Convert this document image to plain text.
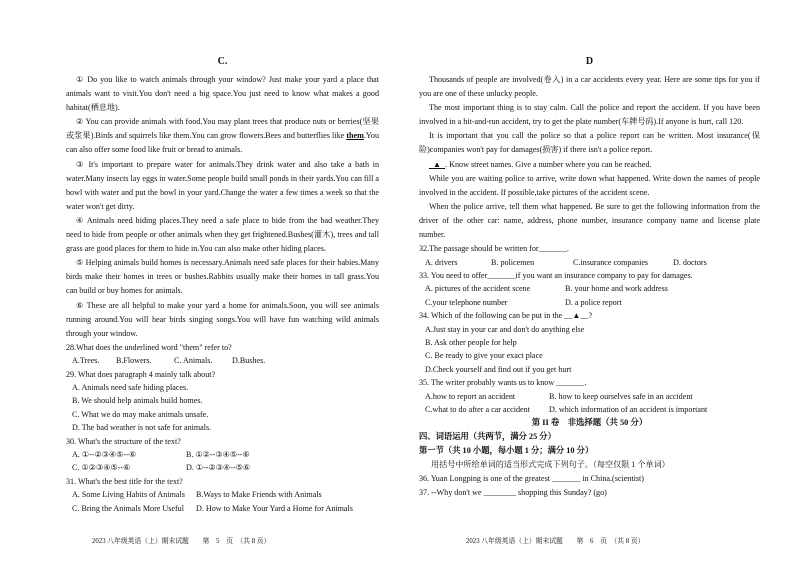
C.

① Do you like to watch animals through your window? Just make your yard a place that animals want to visit.You don't need a big space.You just need to know what makes a good habitat(栖息地).

② You can provide animals with food.You may plant trees that produce nuts or berries(坚果或浆果).Birds and squirrels like them.You can grow flowers.Bees and butterflies like them.You can also offer some food like fruit or bread to animals.

③ It's important to prepare water for animals.They drink water and also take a bath in water.Many insects lay eggs in water.Some people build small ponds in their yards.You can fill a bowl with water and put the bowl in your yard.Change the water a few times a week so that the water won't get dirty.

④ Animals need hiding places.They need a safe place to hide from the bad weather.They need to hide from people or other animals when they get frightened.Bushes(灌木), trees and tall grass are good places for them to hide in.You can also make other hiding places.

⑤ Helping animals build homes is necessary.Animals need safe places for their babies.Many birds make their homes in trees or bushes.Rabbits usually make their homes in tall grass.You can build or buy homes for animals.

⑥ These are all helpful to make your yard a home for animals.Soon, you will see animals running around.You will hear birds singing songs.You will have fun watching wild animals through your window.

28.What does the underlined word "them" refer to?

A.Trees.	B.Flowers.	C. Animals.	D.Bushes.

29. What does paragraph 4 mainly talk about?

A. Animals need safe hiding places.

B. We should help animals build homes.

C. What we do may make animals unsafe.

D. The bad weather is not safe for animals.

30. What's the structure of the text?

A. ①--②③④⑤--⑥	B. ①②--③④⑤--⑥
C. ①②③④⑤--⑥	D. ①--②③④--⑤⑥

31. What's the best title for the text?

A. Some Living Habits of Animals	B.Ways to Make Friends with Animals
C. Bring the Animals More Useful	D. How to Make Your Yard a Home for Animals
2023 八年级英语（上）期末试题　　第　5　页　（共 8 页）
D

Thousands of people are involved(卷入) in a car accidents every year. Here are some tips for you if you are one of these unlucky people.

The most important thing is to stay calm. Call the police and report the accident. If you have been involved in a hit-and-run accident, try to get the plate number(车牌号码).If anyone is hurt, call 120.

It is important that you call the police so that a police report can be written. Most insurance(保险)companies won't pay for damages(损害) if there isn't a police report.

▲ . Know street names. Give a number where you can be reached.

While you are waiting police to arrive, write down what happened. Write down the names of people involved in the accident. If possible,take pictures of the accident scene.

When the police arrive, tell them what happened. Be sure to get the following information from the driver of the other car: name, address, phone number, insurance company name and license plate number.

32.The passage should be written for_______.

A. drivers	B. policemen	C.insurance companies	D. doctors

33. You need to offer_______if you want an insurance company to pay for damages.

A. pictures of the accident scene	B. your home and work address
C.your telephone number	D. a police report

34. Which of the following can be put in the __▲__?

A.Just stay in your car and don't do anything else

B. Ask other people for help

C. Be ready to give your exact place

D.Check yourself and find out if you get hurt

35. The writer probably wants us to know _______.

A.how to report an accident	B. how to keep ourselves safe in an accident
C.what to do after a car accident	D. which information of an accident is important

第 II 卷　非选择题（共 50 分）

四、词语运用（共两节，满分 25 分）

第一节（共 10 小题，每小题 1 分；满分 10 分）

用括号中所给单词的适当形式完成下列句子。（每空仅限 1 个单词）

36. Yuan Longping is one of the greatest _______ in China.(scientist)

37. --Why don't we ________ shopping this Sunday? (go)

2023 八年级英语（上）期末试题　　第　6　页　（共 8 页）
